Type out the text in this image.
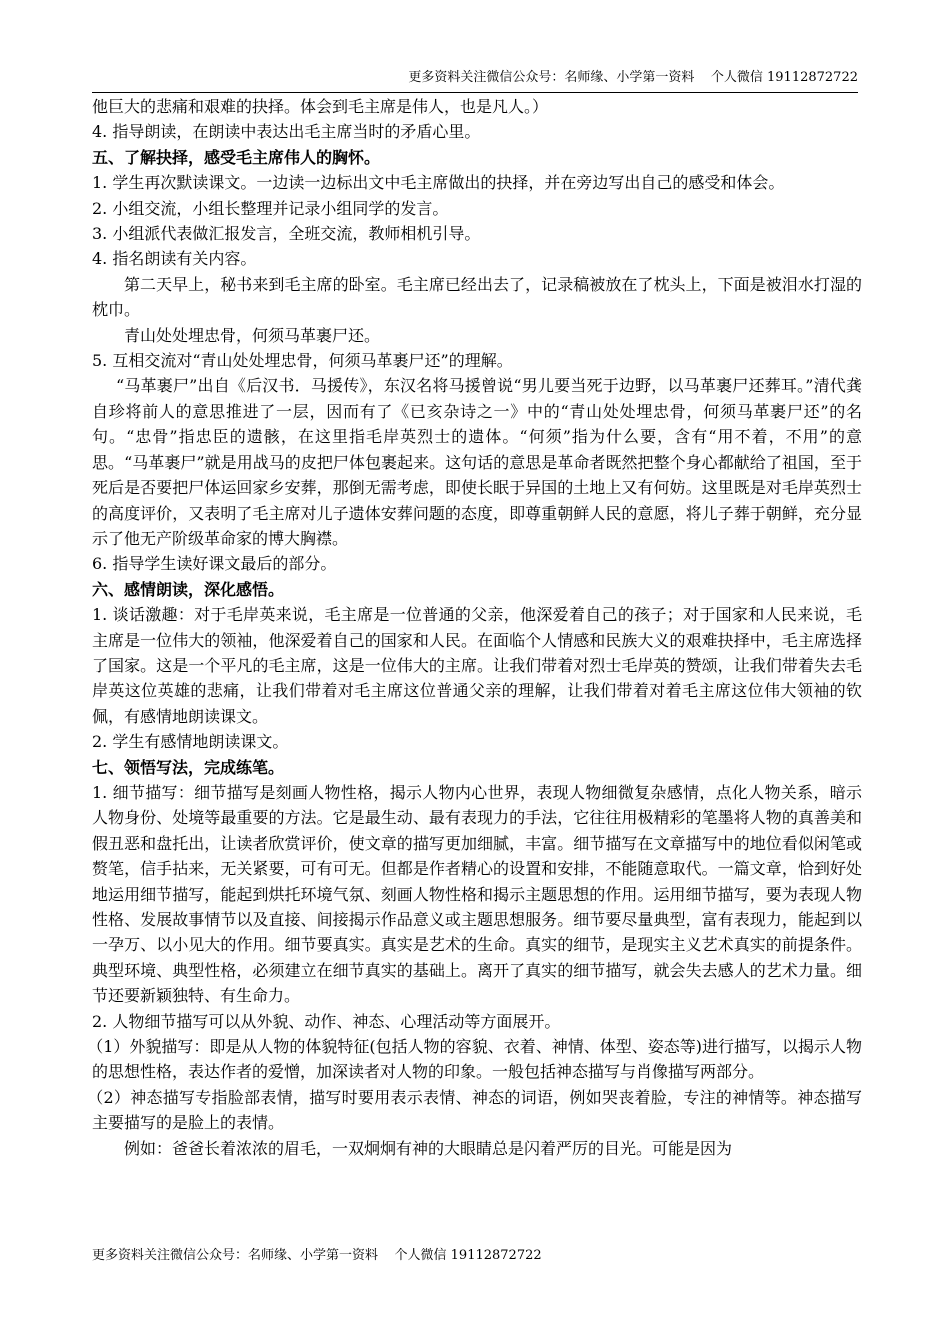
更多资料关注微信公众号：名师缘、小学第一资料    个人微信 19112872722

他巨大的悲痛和艰难的抉择。体会到毛主席是伟人，也是凡人。）

4. 指导朗读，在朗读中表达出毛主席当时的矛盾心里。

五、了解抉择，感受毛主席伟人的胸怀。

1. 学生再次默读课文。一边读一边标出文中毛主席做出的抉择，并在旁边写出自己的感受和体会。

2. 小组交流，小组长整理并记录小组同学的发言。

3. 小组派代表做汇报发言，全班交流，教师相机引导。

4. 指名朗读有关内容。

第二天早上，秘书来到毛主席的卧室。毛主席已经出去了，记录稿被放在了枕头上，下面是被泪水打湿的枕巾。

青山处处埋忠骨，何须马革裹尸还。

5. 互相交流对“青山处处埋忠骨，何须马革裹尸还”的理解。

“马革裹尸”出自《后汉书．马援传》，东汉名将马援曾说“男儿要当死于边野，以马革裹尸还葬耳。”清代龚自珍将前人的意思推进了一层，因而有了《已亥杂诗之一》中的“青山处处埋忠骨，何须马革裹尸还”的名句。“忠骨”指忠臣的遗骸，在这里指毛岸英烈士的遗体。“何须”指为什么要，含有“用不着，不用”的意思。“马革裹尸”就是用战马的皮把尸体包裹起来。这句话的意思是革命者既然把整个身心都献给了祖国，至于死后是否要把尸体运回家乡安葬，那倒无需考虑，即使长眠于异国的土地上又有何妨。这里既是对毛岸英烈士的高度评价，又表明了毛主席对儿子遗体安葬问题的态度，即尊重朝鲜人民的意愿，将儿子葬于朝鲜，充分显示了他无产阶级革命家的博大胸襟。

6. 指导学生读好课文最后的部分。

六、感情朗读，深化感悟。

1. 谈话激趣：对于毛岸英来说，毛主席是一位普通的父亲，他深爱着自己的孩子；对于国家和人民来说，毛主席是一位伟大的领袖，他深爱着自己的国家和人民。在面临个人情感和民族大义的艰难抉择中，毛主席选择了国家。这是一个平凡的毛主席，这是一位伟大的主席。让我们带着对烈士毛岸英的赞颂，让我们带着失去毛岸英这位英雄的悲痛，让我们带着对毛主席这位普通父亲的理解，让我们带着对着毛主席这位伟大领袖的钦佩，有感情地朗读课文。

2. 学生有感情地朗读课文。

七、领悟写法，完成练笔。

1. 细节描写：细节描写是刻画人物性格，揭示人物内心世界，表现人物细微复杂感情，点化人物关系，暗示人物身份、处境等最重要的方法。它是最生动、最有表现力的手法，它往往用极精彩的笔墨将人物的真善美和假丑恶和盘托出，让读者欣赏评价，使文章的描写更加细腻，丰富。细节描写在文章描写中的地位看似闲笔或赘笔，信手拈来，无关紧要，可有可无。但都是作者精心的设置和安排，不能随意取代。一篇文章，恰到好处地运用细节描写，能起到烘托环境气氛、刻画人物性格和揭示主题思想的作用。运用细节描写，要为表现人物性格、发展故事情节以及直接、间接揭示作品意义或主题思想服务。细节要尽量典型，富有表现力，能起到以一孕万、以小见大的作用。细节要真实。真实是艺术的生命。真实的细节，是现实主义艺术真实的前提条件。典型环境、典型性格，必须建立在细节真实的基础上。离开了真实的细节描写，就会失去感人的艺术力量。细节还要新颖独特、有生命力。

2. 人物细节描写可以从外貌、动作、神态、心理活动等方面展开。

（1）外貌描写：即是从人物的体貌特征(包括人物的容貌、衣着、神情、体型、姿态等)进行描写，以揭示人物的思想性格，表达作者的爱憎，加深读者对人物的印象。一般包括神态描写与肖像描写两部分。

（2）神态描写专指脸部表情，描写时要用表示表情、神态的词语，例如哭丧着脸，专注的神情等。神态描写主要描写的是脸上的表情。

例如：爸爸长着浓浓的眉毛，一双炯炯有神的大眼睛总是闪着严厉的目光。可能是因为

更多资料关注微信公众号：名师缘、小学第一资料    个人微信 19112872722
